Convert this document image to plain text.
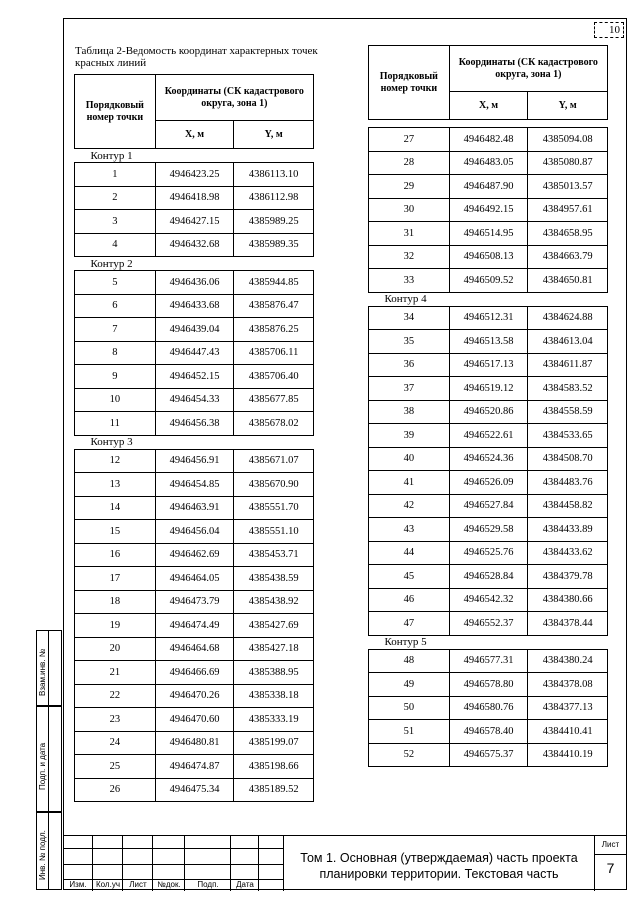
10
Таблица 2-Ведомость координат характерных точек красных линий
Порядковый номер точки	Координаты (СК кадастрового округа, зона 1)	
	X, м	Y, м
Контур 1		
1	4946423.25	4386113.10
2	4946418.98	4386112.98
3	4946427.15	4385989.25
4	4946432.68	4385989.35
Контур 2		
5	4946436.06	4385944.85
6	4946433.68	4385876.47
7	4946439.04	4385876.25
8	4946447.43	4385706.11
9	4946452.15	4385706.40
10	4946454.33	4385677.85
11	4946456.38	4385678.02
Контур 3		
12	4946456.91	4385671.07
13	4946454.85	4385670.90
14	4946463.91	4385551.70
15	4946456.04	4385551.10
16	4946462.69	4385453.71
17	4946464.05	4385438.59
18	4946473.79	4385438.92
19	4946474.49	4385427.69
20	4946464.68	4385427.18
21	4946466.69	4385388.95
22	4946470.26	4385338.18
23	4946470.60	4385333.19
24	4946480.81	4385199.07
25	4946474.87	4385198.66
26	4946475.34	4385189.52
Порядковый номер точки	Координаты (СК кадастрового округа, зона 1)	
	X, м	Y, м

27	4946482.48	4385094.08
28	4946483.05	4385080.87
29	4946487.90	4385013.57
30	4946492.15	4384957.61
31	4946514.95	4384658.95
32	4946508.13	4384663.79
33	4946509.52	4384650.81
Контур 4		
34	4946512.31	4384624.88
35	4946513.58	4384613.04
36	4946517.13	4384611.87
37	4946519.12	4384583.52
38	4946520.86	4384558.59
39	4946522.61	4384533.65
40	4946524.36	4384508.70
41	4946526.09	4384483.76
42	4946527.84	4384458.82
43	4946529.58	4384433.89
44	4946525.76	4384433.62
45	4946528.84	4384379.78
46	4946542.32	4384380.66
47	4946552.37	4384378.44
Контур 5		
48	4946577.31	4384380.24
49	4946578.80	4384378.08
50	4946580.76	4384377.13
51	4946578.40	4384410.41
52	4946575.37	4384410.19
Взам.инв. №
Подп. и дата
Инв. № подл.
Изм.	Кол.уч	Лист	№док.	Подп.	Дата
Том 1. Основная (утверждаемая) часть проекта планировки территории. Текстовая часть
Лист
7
